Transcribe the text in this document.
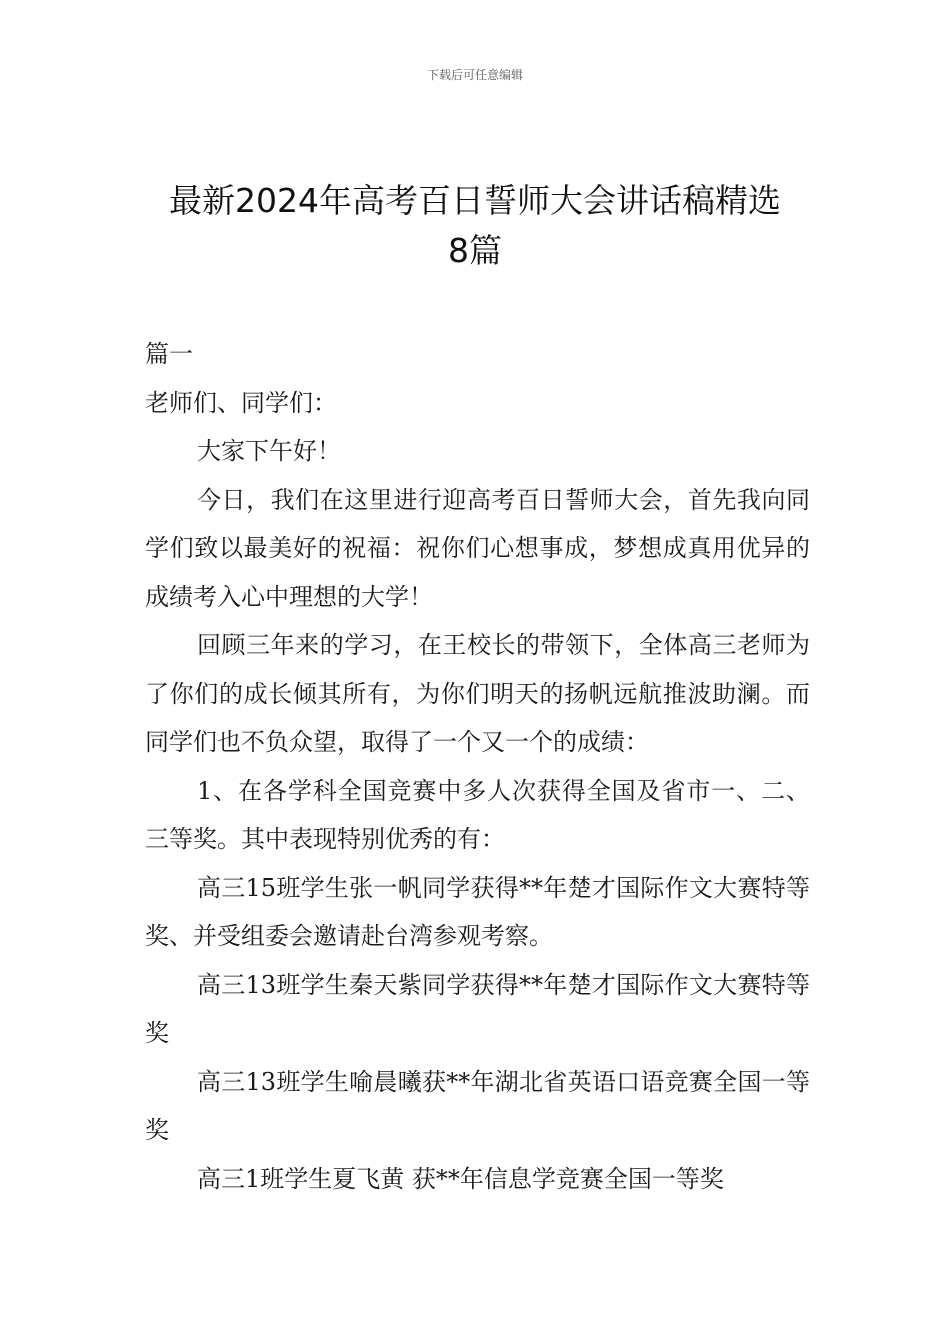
下载后可任意编辑
最新2024年高考百日誓师大会讲话稿精选
8篇

篇一

老师们、同学们：

大家下午好！

今日，我们在这里进行迎高考百日誓师大会，首先我向同学们致以最美好的祝福：祝你们心想事成，梦想成真用优异的成绩考入心中理想的大学！

回顾三年来的学习，在王校长的带领下，全体高三老师为了你们的成长倾其所有，为你们明天的扬帆远航推波助澜。而同学们也不负众望，取得了一个又一个的成绩：

1、在各学科全国竞赛中多人次获得全国及省市一、二、三等奖。其中表现特别优秀的有：

高三15班学生张一帆同学获得**年楚才国际作文大赛特等奖、并受组委会邀请赴台湾参观考察。

高三13班学生秦天紫同学获得**年楚才国际作文大赛特等奖

高三13班学生喻晨曦获**年湖北省英语口语竞赛全国一等奖

高三1班学生夏飞黄 获**年信息学竞赛全国一等奖
